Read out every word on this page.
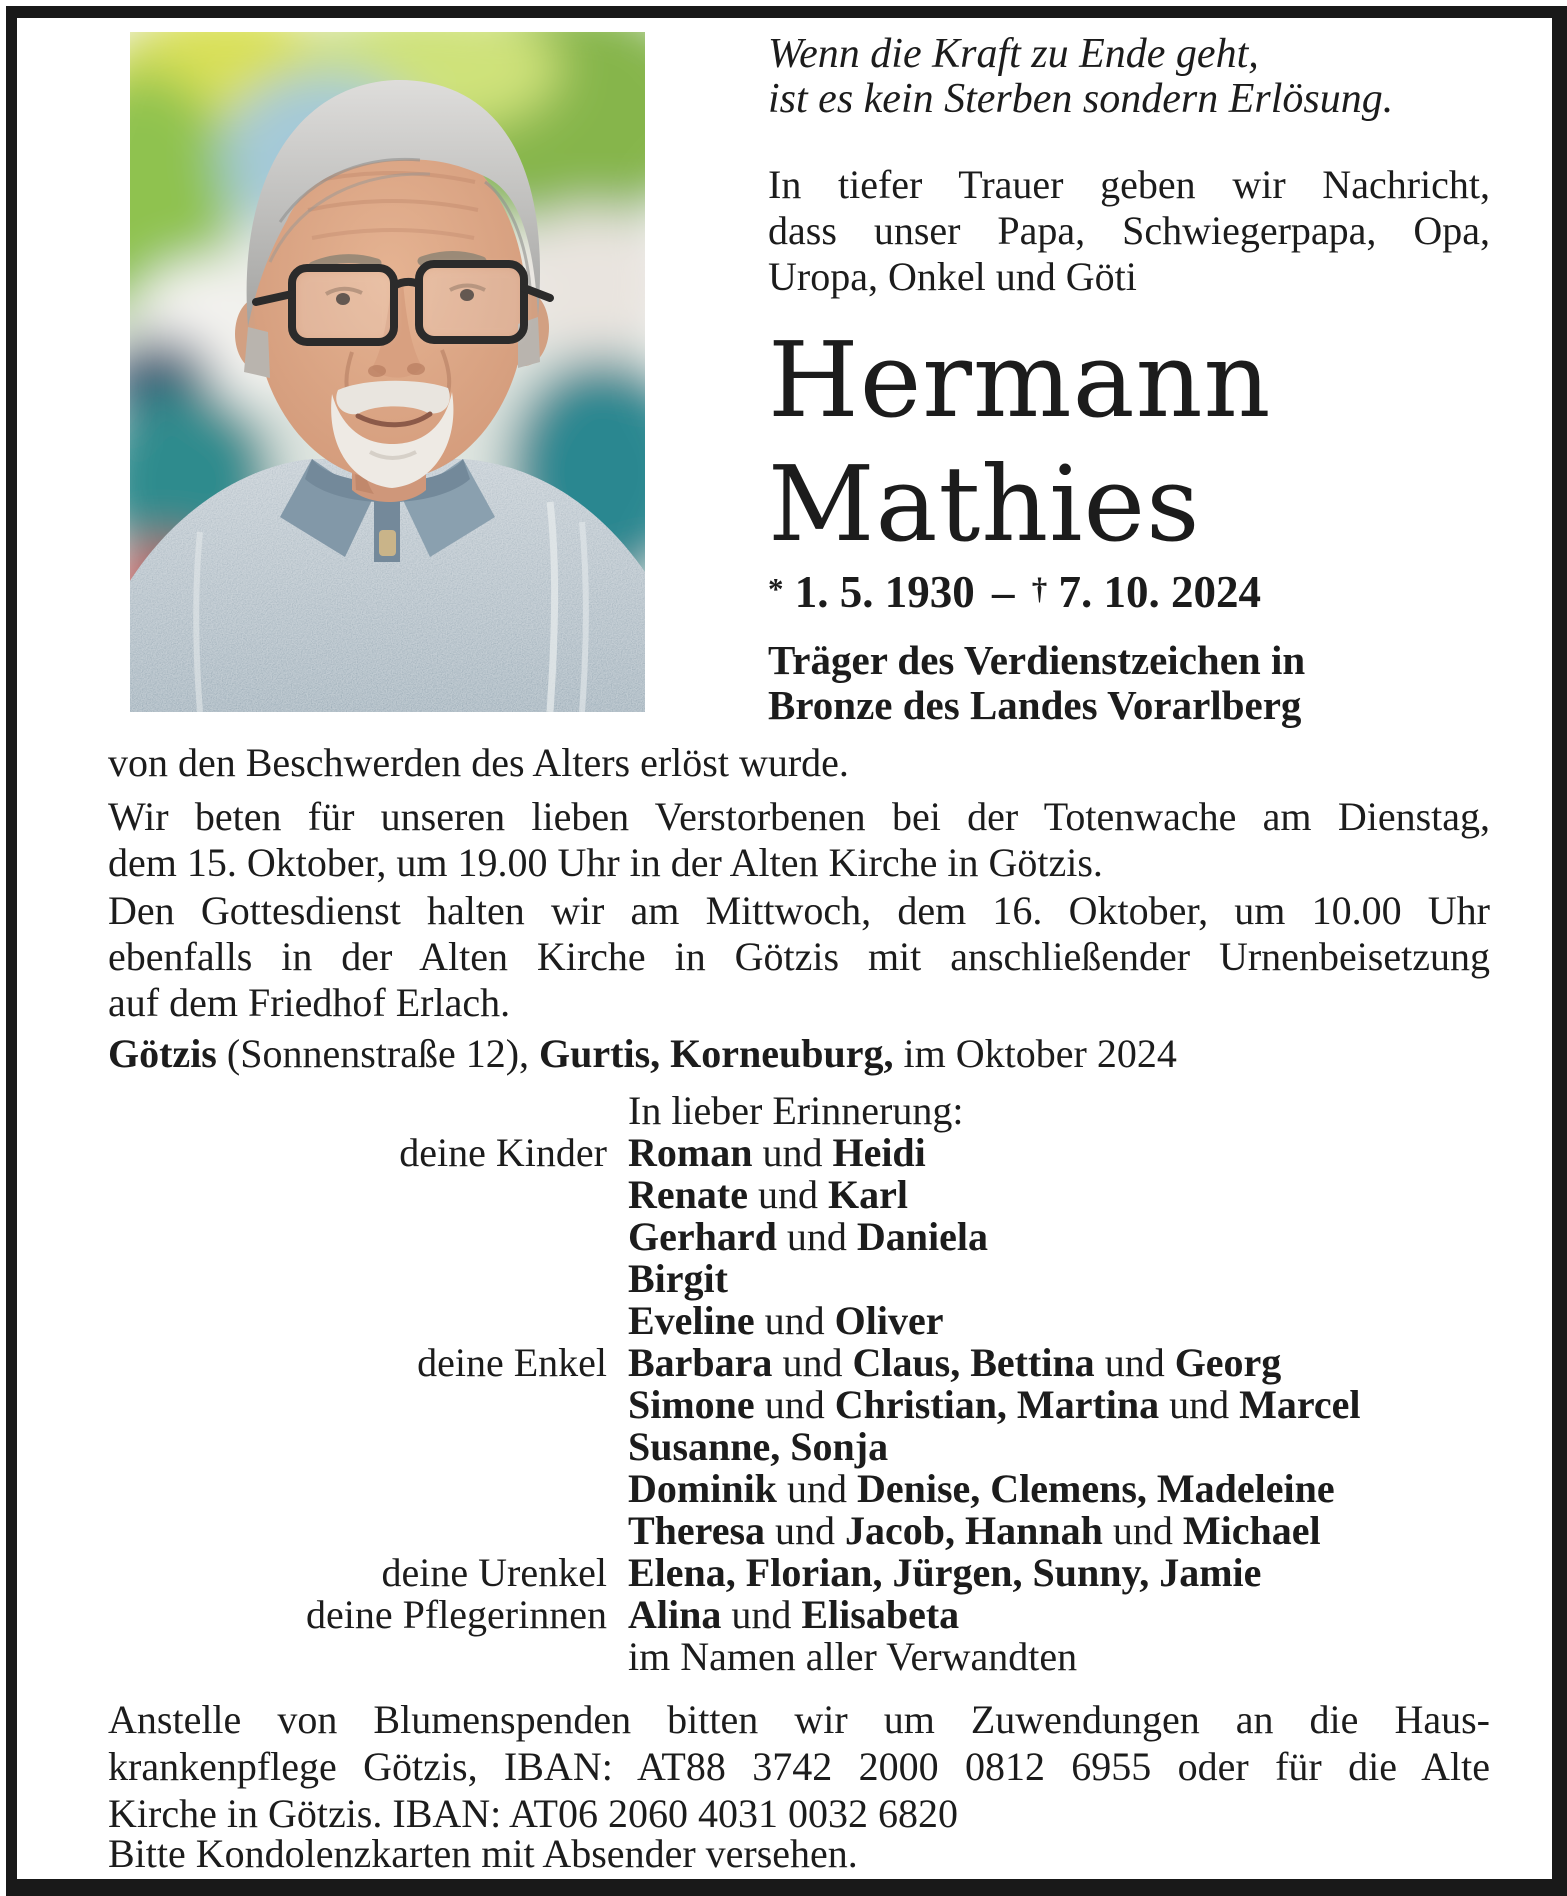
Wenn die Kraft zu Ende geht,
ist es kein Sterben sondern Erlösung.
In tiefer Trauer geben wir Nachricht,
dass unser Papa, Schwiegerpapa, Opa,
Uropa, Onkel und Göti
Hermann
Mathies
* 1. 5. 1930 – † 7. 10. 2024
Träger des Verdienstzeichen in
Bronze des Landes Vorarlberg
von den Beschwerden des Alters erlöst wurde.
Wir beten für unseren lieben Verstorbenen bei der Totenwache am Dienstag,
dem 15. Oktober, um 19.00 Uhr in der Alten Kirche in Götzis.
Den Gottesdienst halten wir am Mittwoch, dem 16. Oktober, um 10.00 Uhr
ebenfalls in der Alten Kirche in Götzis mit anschließender Urnenbeisetzung
auf dem Friedhof Erlach.
Götzis (Sonnenstraße 12), Gurtis, Korneuburg, im Oktober 2024
In lieber Erinnerung:
deine Kinder Roman und Heidi
Renate und Karl
Gerhard und Daniela
Birgit
Eveline und Oliver
deine Enkel Barbara und Claus, Bettina und Georg
Simone und Christian, Martina und Marcel
Susanne, Sonja
Dominik und Denise, Clemens, Madeleine
Theresa und Jacob, Hannah und Michael
deine Urenkel Elena, Florian, Jürgen, Sunny, Jamie
deine Pflegerinnen Alina und Elisabeta
im Namen aller Verwandten
Anstelle von Blumenspenden bitten wir um Zuwendungen an die Haus-
krankenpflege Götzis, IBAN: AT88 3742 2000 0812 6955 oder für die Alte
Kirche in Götzis. IBAN: AT06 2060 4031 0032 6820
Bitte Kondolenzkarten mit Absender versehen.
